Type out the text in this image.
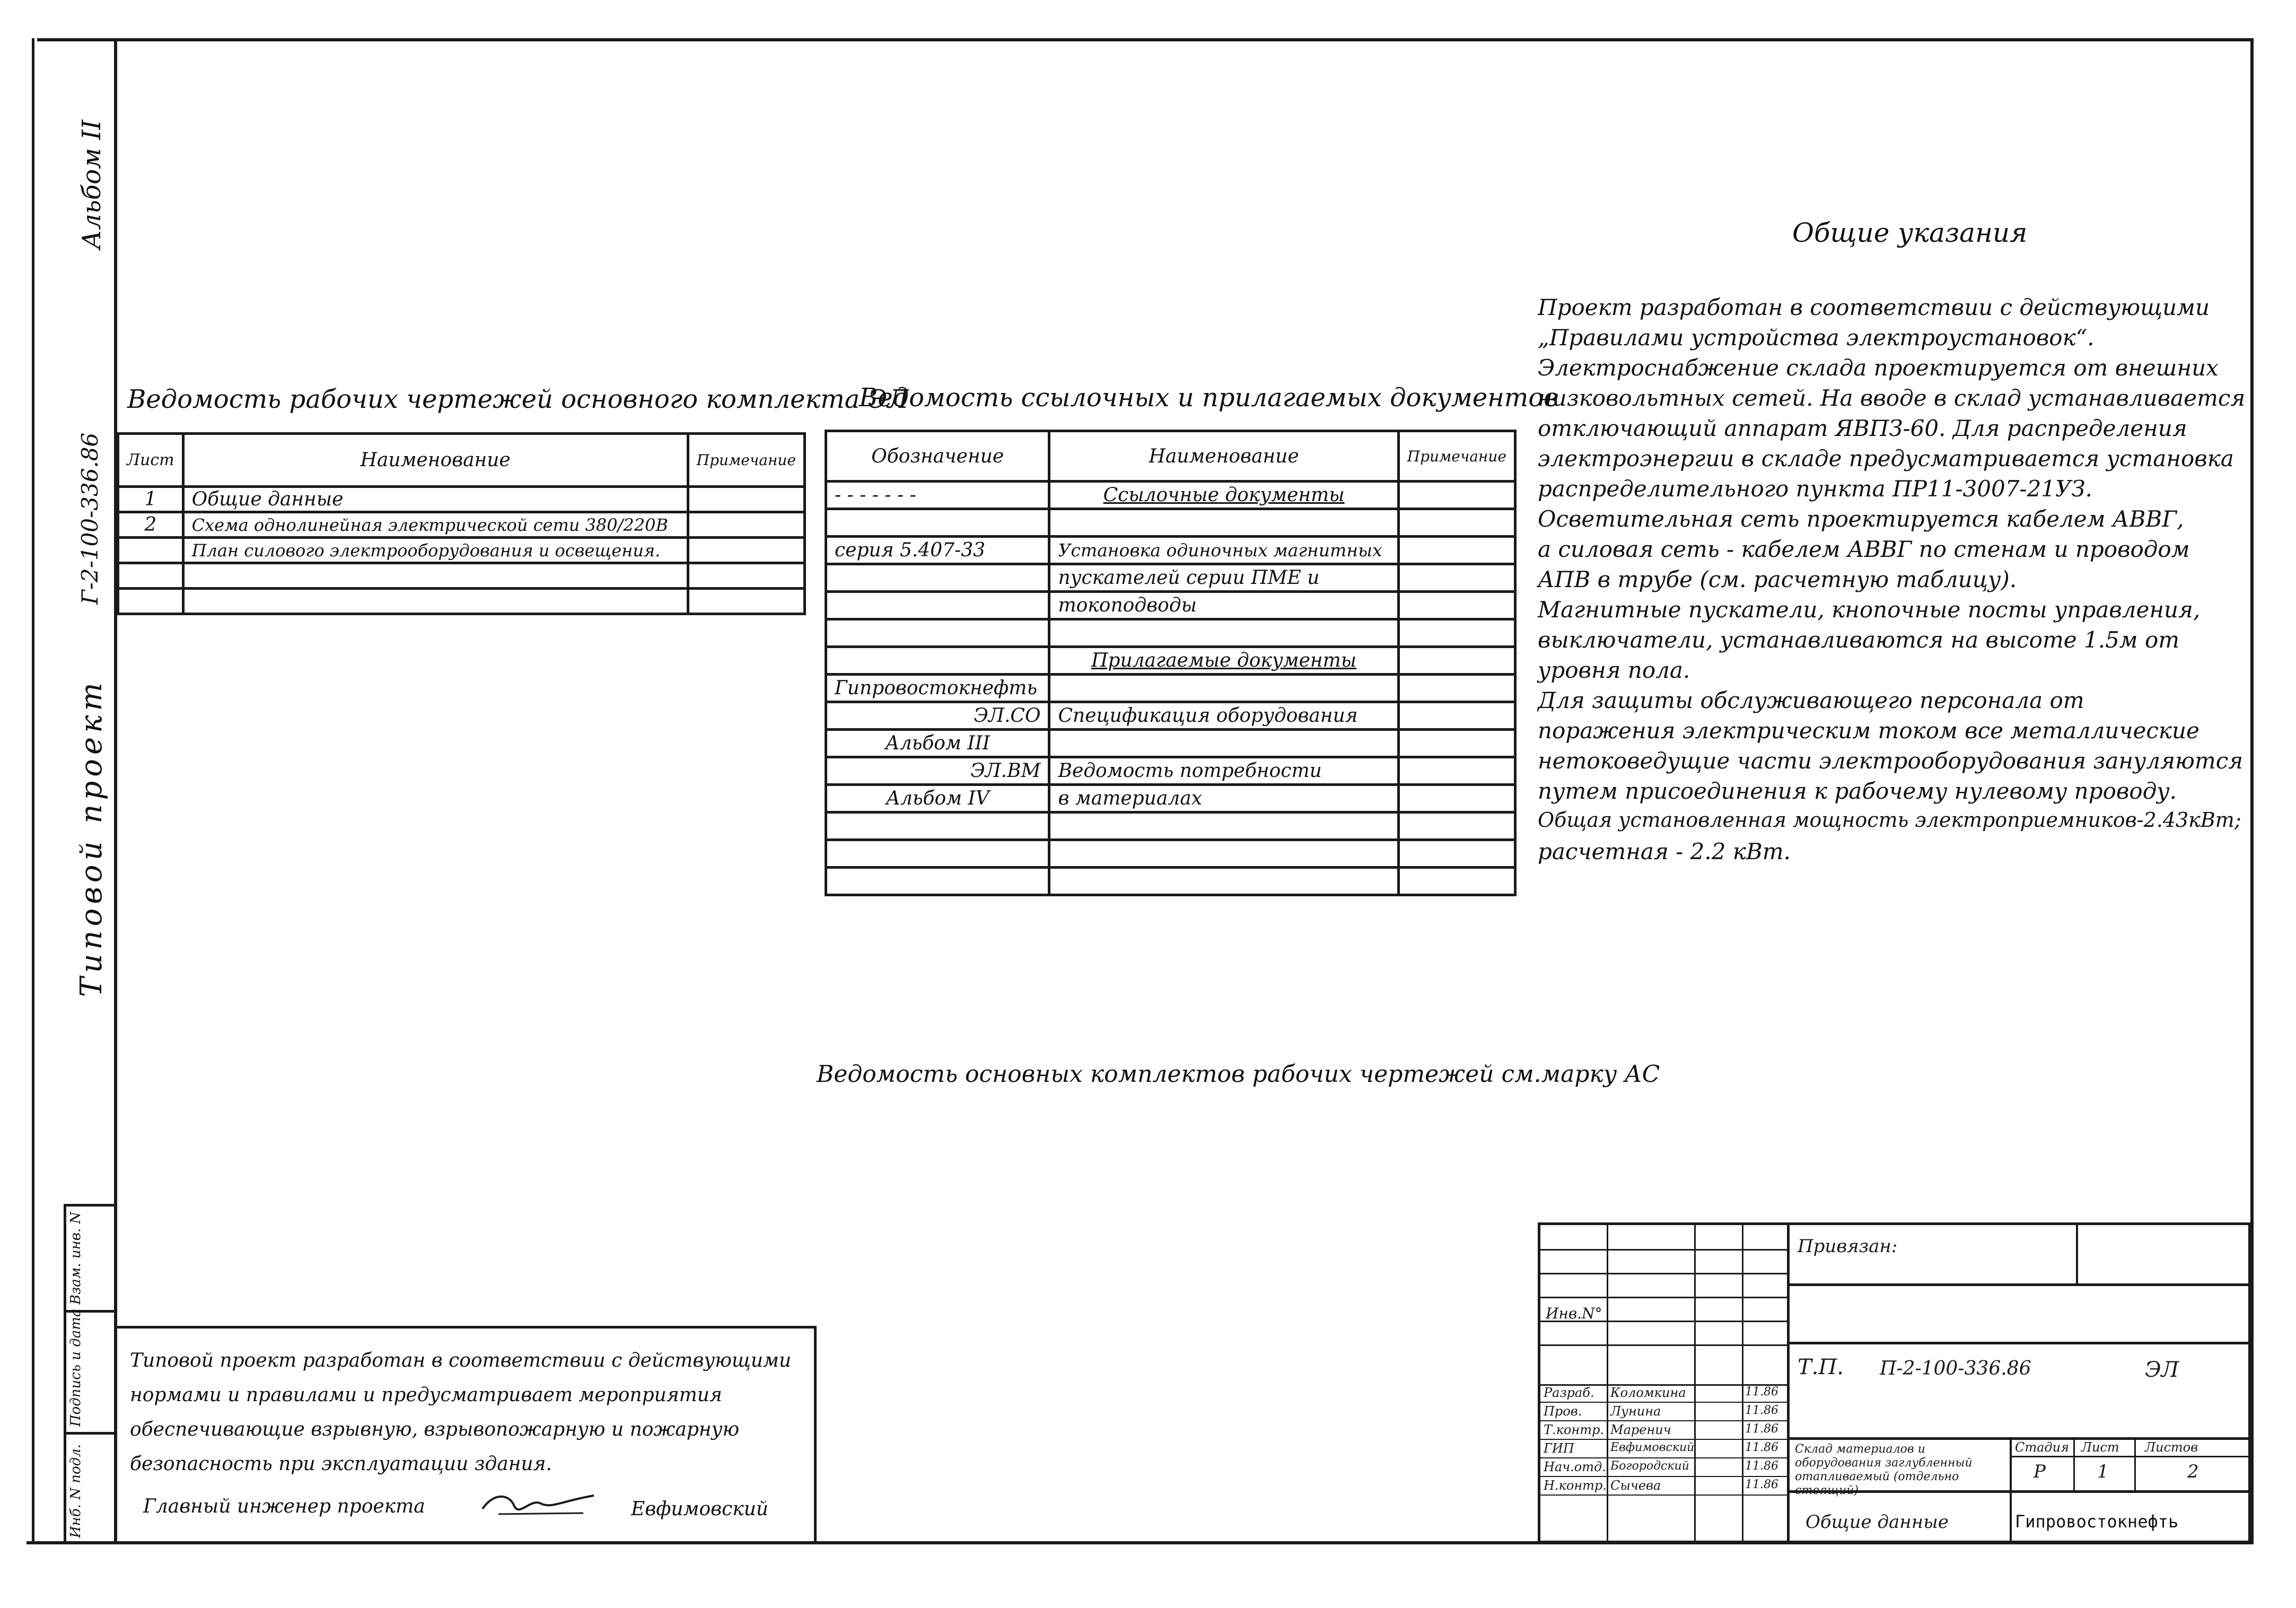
Альбом II
Г-2-100-336.86
Типовой проект
Инб. N подл.
Подпись и дата
Взам. инв. N
Ведомость рабочих чертежей основного комплекта ЭЛ
Лист	Наименование	Примечание
1	Общие данные	
2	Схема однолинейная электрической сети 380/220В	
	План силового электрооборудования и освещения.	

Ведомость ссылочных и прилагаемых документов
Обозначение	Наименование	Примечание
- - - - - - -	Ссылочные документы	

серия 5.407-33	Установка одиночных магнитных	
	пускателей серии ПМЕ и	
	токоподводы	

	Прилагаемые документы	
Гипровостокнефть		
ЭЛ.СО	Спецификация оборудования	
Альбом III		
ЭЛ.ВМ	Ведомость потребности	
Альбом IV	в материалах	

Общие указания
Проект разработан в соответствии с действующими
„Правилами устройства электроустановок“.
Электроснабжение склада проектируется от внешних
низковольтных сетей. На вводе в склад устанавливается
отключающий аппарат ЯВПЗ-60. Для распределения
электроэнергии в складе предусматривается установка
распределительного пункта ПР11-3007-21УЗ.
Осветительная сеть проектируется кабелем АВВГ,
а силовая сеть - кабелем АВВГ по стенам и проводом
АПВ в трубе (см. расчетную таблицу).
Магнитные пускатели, кнопочные посты управления,
выключатели, устанавливаются на высоте 1.5м от
уровня пола.
Для защиты обслуживающего персонала от
поражения электрическим током все металлические
нетоковедущие части электрооборудования зануляются
путем присоединения к рабочему нулевому проводу.
Общая установленная мощность электроприемников-2.43кВт;
расчетная - 2.2 кВт.
Ведомость основных комплектов рабочих чертежей см.марку АС
Типовой проект разработан в соответствии с действующими
нормами и правилами и предусматривает мероприятия
обеспечивающие взрывную, взрывопожарную и пожарную
безопасность при эксплуатации здания.
Главный инженер проекта	Евфимовский
Инв.N°
Разраб. Коломкина	11.86
Пров. Лунина	11.86
Т.контр. Маренич	11.86
ГИП	Евфимовский	11.86
Нач.отд. Богородский	11.86
Н.контр. Сычева	11.86
Привязан:
Т.П. П-2-100-336.86	ЭЛ
Склад материалов и оборудования заглубленный отапливаемый (отдельно
Стадия Лист Листов
Р	1	2
Общие данные	Гипровостокнефть
